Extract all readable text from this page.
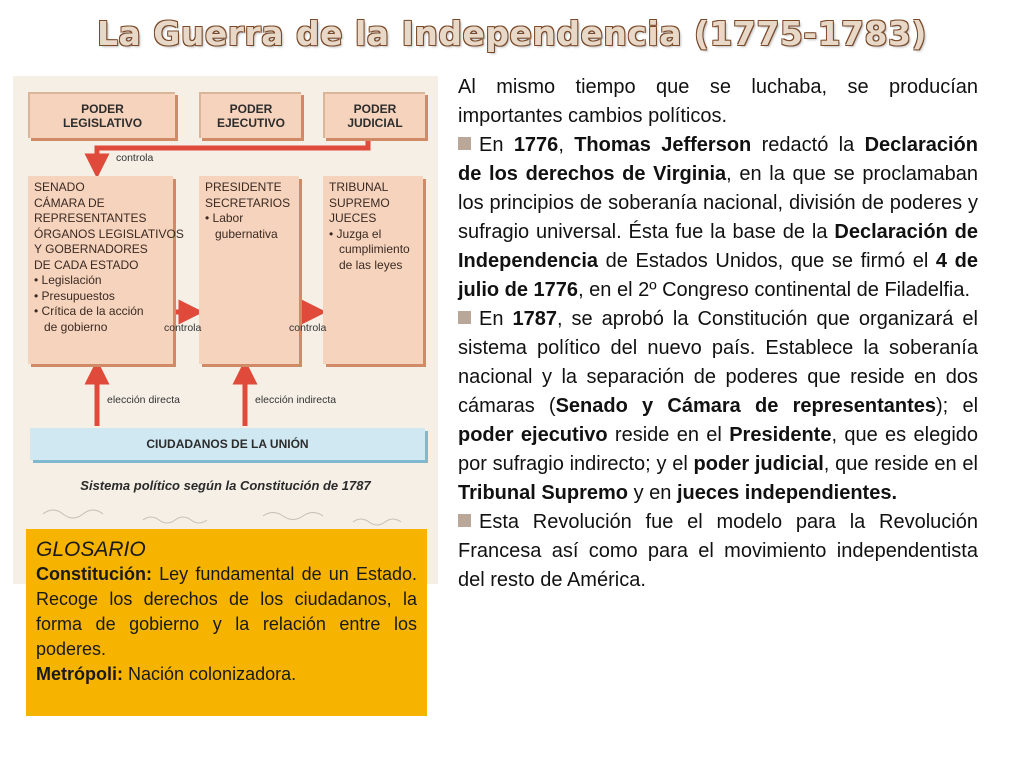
La Guerra de la Independencia (1775-1783)
PODER LEGISLATIVO
PODER EJECUTIVO
PODER JUDICIAL
controla
SENADO
CÁMARA DE
REPRESENTANTES
ÓRGANOS LEGISLATIVOS
Y GOBERNADORES
DE CADA ESTADO
• Legislación
• Presupuestos
• Crítica de la acción
de gobierno
PRESIDENTE
SECRETARIOS
• Labor
gubernativa
TRIBUNAL
SUPREMO
JUECES
• Juzga el
cumplimiento
de las leyes
controla	controla
elección directa	elección indirecta
CIUDADANOS DE LA UNIÓN
Sistema político según la Constitución de 1787
GLOSARIO
Constitución: Ley fundamental de un Estado. Recoge los derechos de los ciudadanos, la forma de gobierno y la relación entre los poderes.
Metrópoli: Nación colonizadora.

Al mismo tiempo que se luchaba, se producían importantes cambios políticos.

En 1776, Thomas Jefferson redactó la Declaración de los derechos de Virginia, en la que se proclamaban los principios de soberanía nacional, división de poderes y sufragio universal. Ésta fue la base de la Declaración de Independencia de Estados Unidos, que se firmó el 4 de julio de 1776, en el 2º Congreso continental de Filadelfia.

En 1787, se aprobó la Constitución que organizará el sistema político del nuevo país. Establece la soberanía nacional y la separación de poderes que reside en dos cámaras (Senado y Cámara de representantes); el poder ejecutivo reside en el Presidente, que es elegido por sufragio indirecto; y el poder judicial, que reside en el Tribunal Supremo y en jueces independientes.

Esta Revolución fue el modelo para la Revolución Francesa así como para el movimiento independentista del resto de América.
